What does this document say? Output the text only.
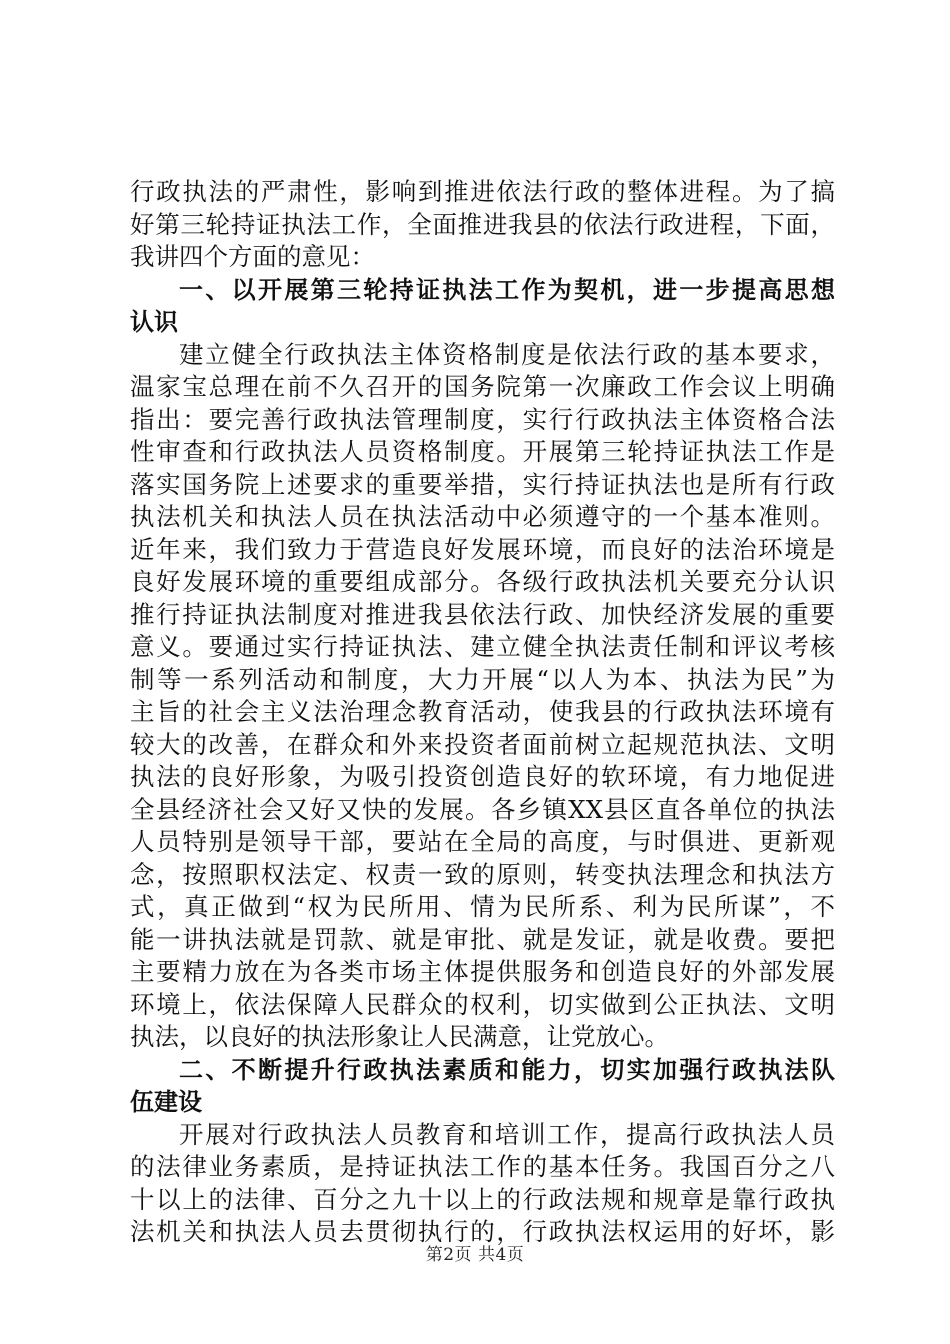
行政执法的严肃性，影响到推进依法行政的整体进程。为了搞
好第三轮持证执法工作，全面推进我县的依法行政进程，下面，
我讲四个方面的意见：
一、以开展第三轮持证执法工作为契机，进一步提高思想
认识
建立健全行政执法主体资格制度是依法行政的基本要求，
温家宝总理在前不久召开的国务院第一次廉政工作会议上明确
指出：要完善行政执法管理制度，实行行政执法主体资格合法
性审查和行政执法人员资格制度。开展第三轮持证执法工作是
落实国务院上述要求的重要举措，实行持证执法也是所有行政
执法机关和执法人员在执法活动中必须遵守的一个基本准则。
近年来，我们致力于营造良好发展环境，而良好的法治环境是
良好发展环境的重要组成部分。各级行政执法机关要充分认识
推行持证执法制度对推进我县依法行政、加快经济发展的重要
意义。要通过实行持证执法、建立健全执法责任制和评议考核
制等一系列活动和制度，大力开展“以人为本、执法为民”为
主旨的社会主义法治理念教育活动，使我县的行政执法环境有
较大的改善，在群众和外来投资者面前树立起规范执法、文明
执法的良好形象，为吸引投资创造良好的软环境，有力地促进
全县经济社会又好又快的发展。各乡镇XX县区直各单位的执法
人员特别是领导干部，要站在全局的高度，与时俱进、更新观
念，按照职权法定、权责一致的原则，转变执法理念和执法方
式，真正做到“权为民所用、情为民所系、利为民所谋”，不
能一讲执法就是罚款、就是审批、就是发证，就是收费。要把
主要精力放在为各类市场主体提供服务和创造良好的外部发展
环境上，依法保障人民群众的权利，切实做到公正执法、文明
执法，以良好的执法形象让人民满意，让党放心。
二、不断提升行政执法素质和能力，切实加强行政执法队
伍建设
开展对行政执法人员教育和培训工作，提高行政执法人员
的法律业务素质，是持证执法工作的基本任务。我国百分之八
十以上的法律、百分之九十以上的行政法规和规章是靠行政执
法机关和执法人员去贯彻执行的，行政执法权运用的好坏，影
第2页 共4页
